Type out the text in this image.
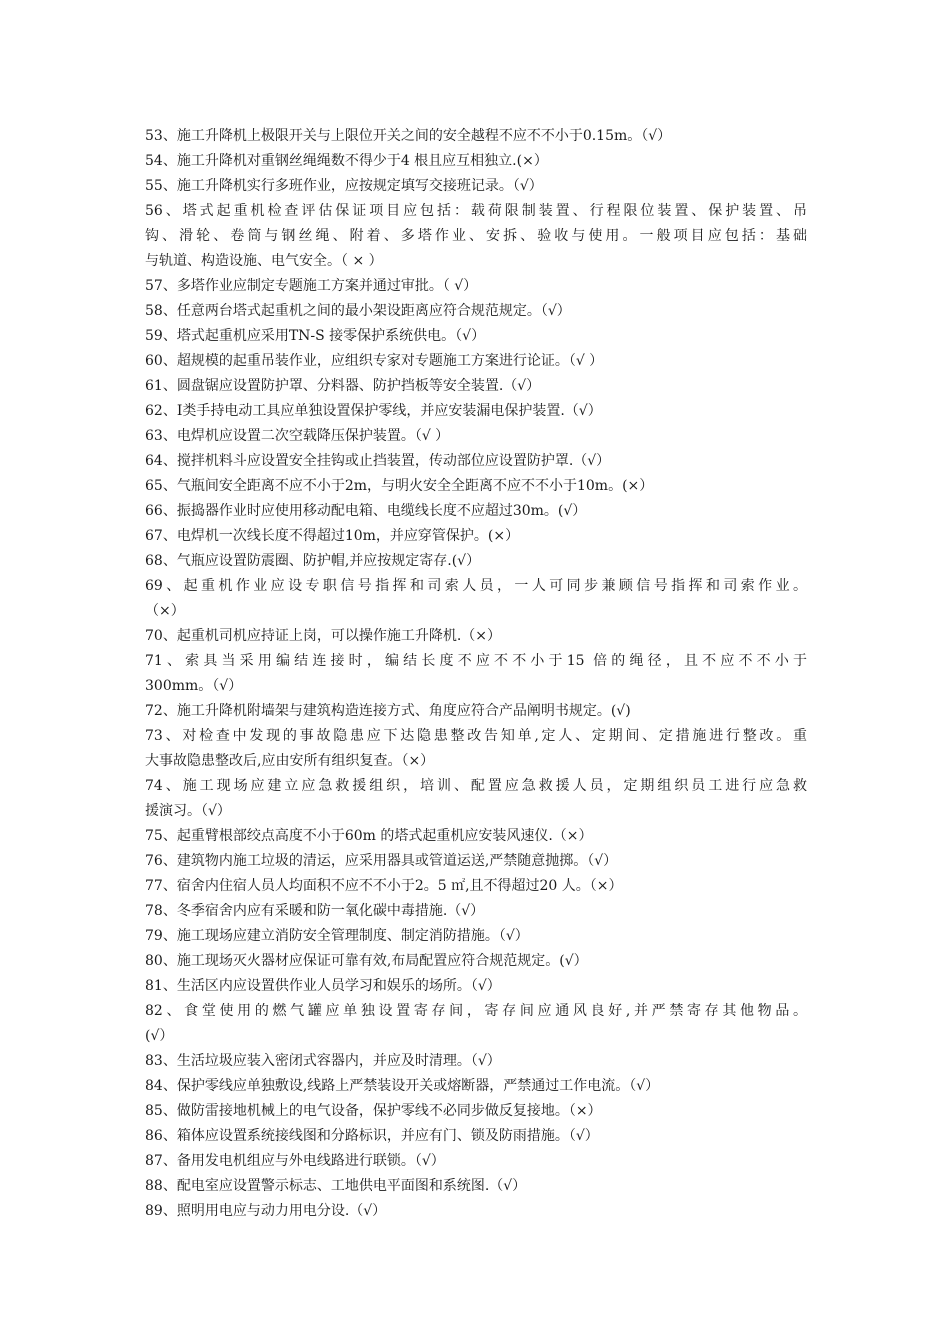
53、施工升降机上极限开关与上限位开关之间的安全越程不应不不小于0.15m。（√）
54、施工升降机对重钢丝绳绳数不得少于4 根且应互相独立.(×）
55、施工升降机实行多班作业，应按规定填写交接班记录。（√）
56、塔式起重机检查评估保证项目应包括：载荷限制装置、行程限位装置、保护装置、吊
钩、滑轮、卷筒与钢丝绳、附着、多塔作业、安拆、验收与使用。一般项目应包括：基础
与轨道、构造设施、电气安全。（ × ）
57、多塔作业应制定专题施工方案并通过审批。（ √）
58、任意两台塔式起重机之间的最小架设距离应符合规范规定。（√）
59、塔式起重机应采用TN-S 接零保护系统供电。（√）
60、超规模的起重吊装作业，应组织专家对专题施工方案进行论证。（√ ）
61、圆盘锯应设置防护罩、分料器、防护挡板等安全装置.（√）
62、Ⅰ类手持电动工具应单独设置保护零线，并应安装漏电保护装置.（√）
63、电焊机应设置二次空载降压保护装置。（√ ）
64、搅拌机料斗应设置安全挂钩或止挡装置，传动部位应设置防护罩.（√）
65、气瓶间安全距离不应不小于2m，与明火安全全距离不应不不小于10m。(×）
66、振捣器作业时应使用移动配电箱、电缆线长度不应超过30m。(√）
67、电焊机一次线长度不得超过10m，并应穿管保护。(×）
68、气瓶应设置防震圈、防护帽,并应按规定寄存.(√）
69、起重机作业应设专职信号指挥和司索人员，一人可同步兼顾信号指挥和司索作业。
（×）
70、起重机司机应持证上岗，可以操作施工升降机.（×）
71、索具当采用编结连接时，编结长度不应不不小于15 倍的绳径，且不应不不小于
300mm。（√）
72、施工升降机附墙架与建筑构造连接方式、角度应符合产品阐明书规定。(√)
73、对检查中发现的事故隐患应下达隐患整改告知单,定人、定期间、定措施进行整改。重
大事故隐患整改后,应由安所有组织复查。（×）
74、施工现场应建立应急救援组织，培训、配置应急救援人员，定期组织员工进行应急救
援演习。（√）
75、起重臂根部绞点高度不小于60m 的塔式起重机应安装风速仪.（×）
76、建筑物内施工垃圾的清运，应采用器具或管道运送,严禁随意抛掷。（√）
77、宿舍内住宿人员人均面积不应不不小于2。5 ㎡,且不得超过20 人。（×）
78、冬季宿舍内应有采暖和防一氧化碳中毒措施.（√）
79、施工现场应建立消防安全管理制度、制定消防措施。（√）
80、施工现场灭火器材应保证可靠有效,布局配置应符合规范规定。(√）
81、生活区内应设置供作业人员学习和娱乐的场所。（√）
82、食堂使用的燃气罐应单独设置寄存间，寄存间应通风良好,并严禁寄存其他物品。
(√）
83、生活垃圾应装入密闭式容器内，并应及时清理。（√）
84、保护零线应单独敷设,线路上严禁装设开关或熔断器，严禁通过工作电流。（√）
85、做防雷接地机械上的电气设备，保护零线不必同步做反复接地。（×）
86、箱体应设置系统接线图和分路标识，并应有门、锁及防雨措施。（√）
87、备用发电机组应与外电线路进行联锁。（√）
88、配电室应设置警示标志、工地供电平面图和系统图.（√）
89、照明用电应与动力用电分设.（√）
